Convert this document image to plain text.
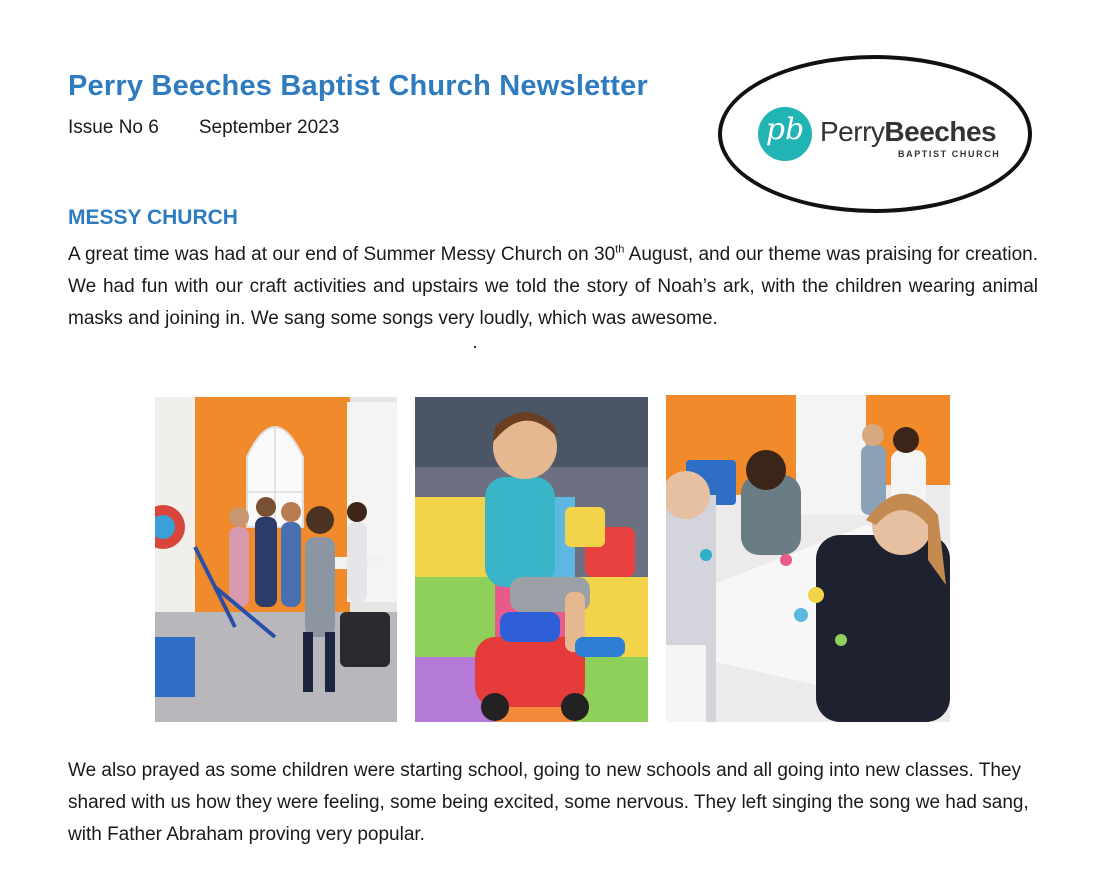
Perry Beeches Baptist Church Newsletter
Issue No 6 September 2023	pb PerryBeeches
BAPTIST CHURCH
MESSY CHURCH

A great time was had at our end of Summer Messy Church on 30th August, and our theme was praising for creation. We had fun with our craft activities and upstairs we told the story of Noah’s ark, with the children wearing animal masks and joining in. We sang some songs very loudly, which was awesome.

We also prayed as some children were starting school, going to new schools and all going into new classes. They shared with us how they were feeling, some being excited, some nervous. They left singing the song we had sang, with Father Abraham proving very popular.
